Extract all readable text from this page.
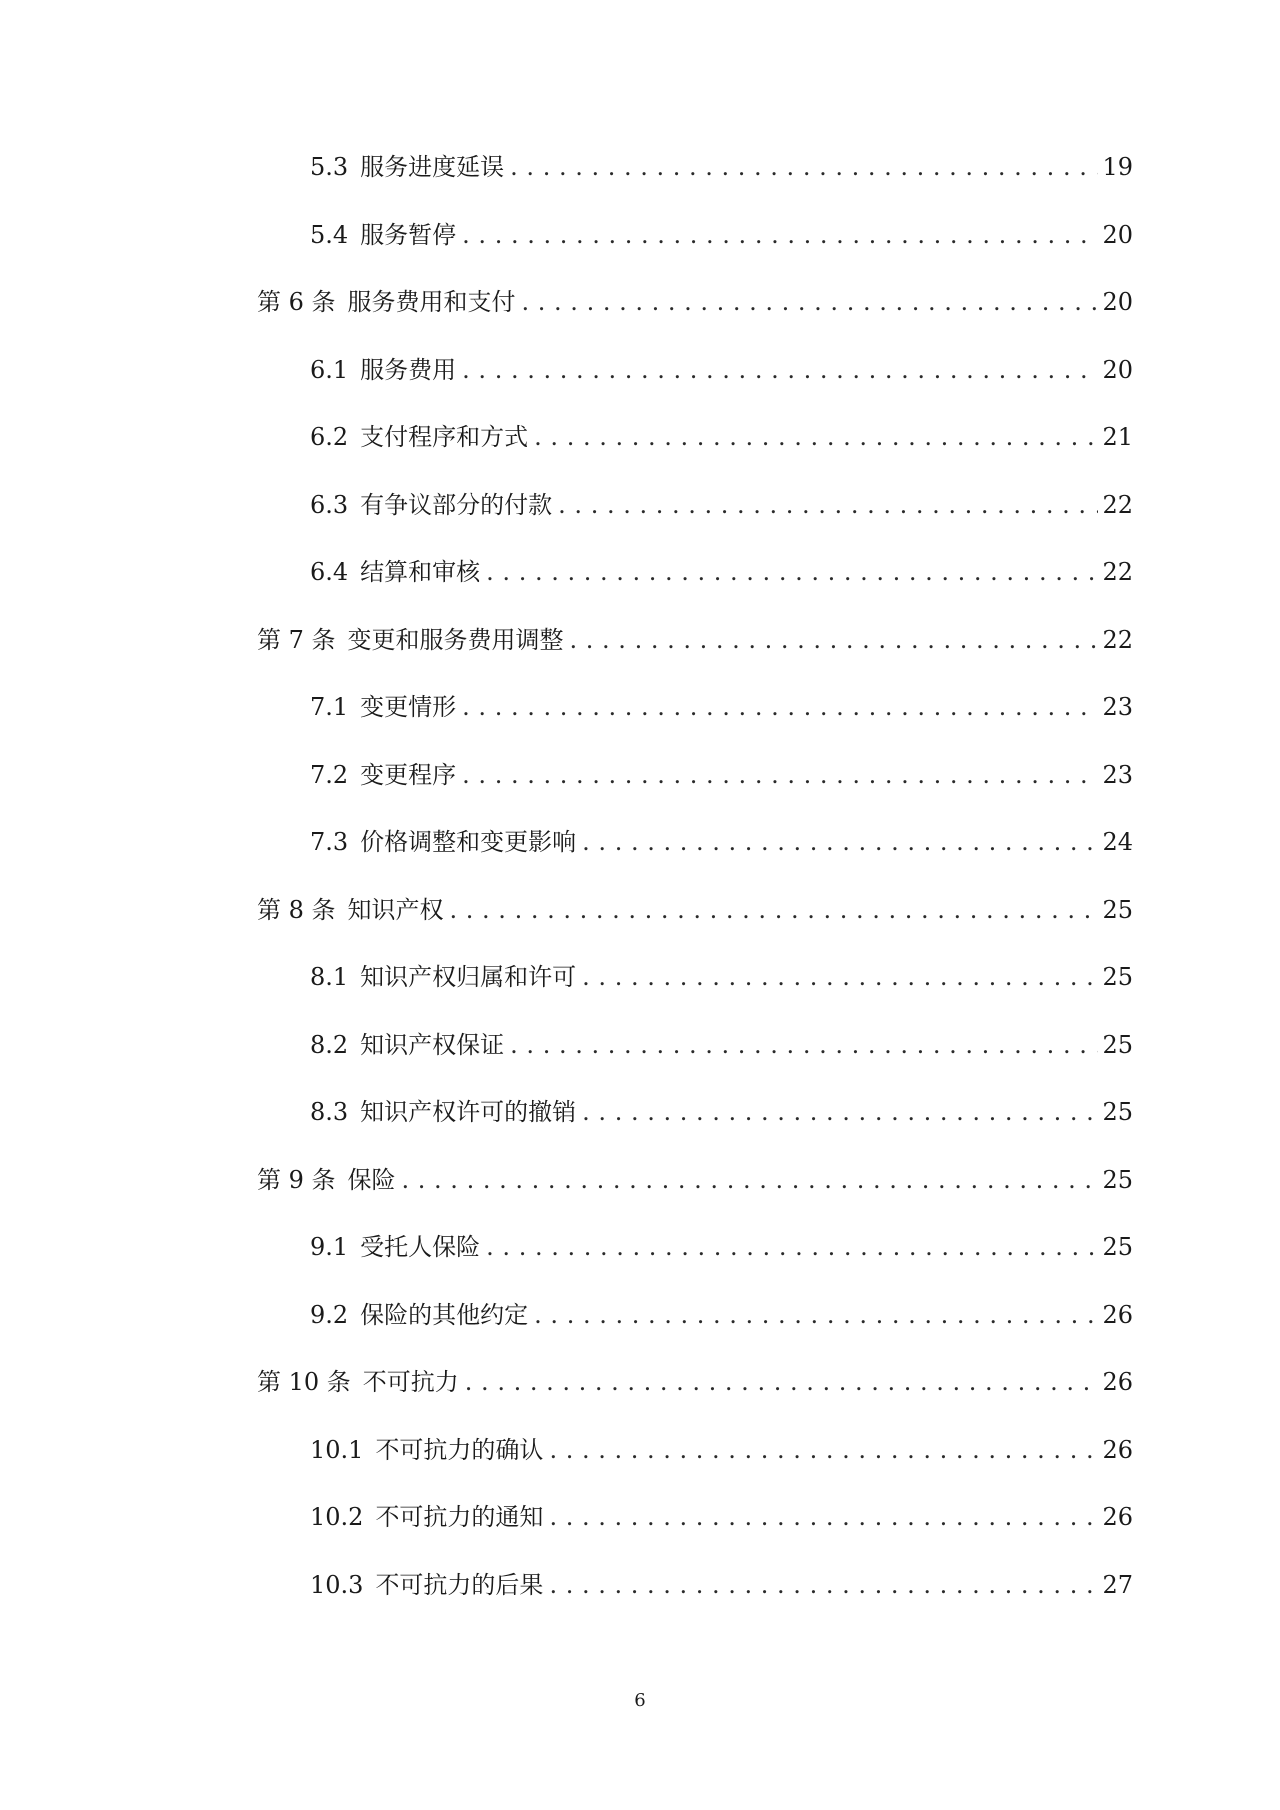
5.3 服务进度延误 . . .	19
5.4 服务暂停 . . .	20
第 6 条 服务费用和支付 . . .	20
6.1 服务费用 . . .	20
6.2 支付程序和方式 . . .	21
6.3 有争议部分的付款 . . .	22
6.4 结算和审核 . . .	22
第 7 条 变更和服务费用调整 . . .	22
7.1 变更情形 . . .	23
7.2 变更程序 . . .	23
7.3 价格调整和变更影响 . . .	24
第 8 条 知识产权 . . .	25
8.1 知识产权归属和许可 . . .	25
8.2 知识产权保证 . . .	25
8.3 知识产权许可的撤销 . . .	25
第 9 条 保险 . . .	25
9.1 受托人保险 . . .	25
9.2 保险的其他约定 . . .	26
第 10 条 不可抗力 . . .	26
10.1 不可抗力的确认 . . .	26
10.2 不可抗力的通知 . . .	26
10.3 不可抗力的后果 . . .	27
6
